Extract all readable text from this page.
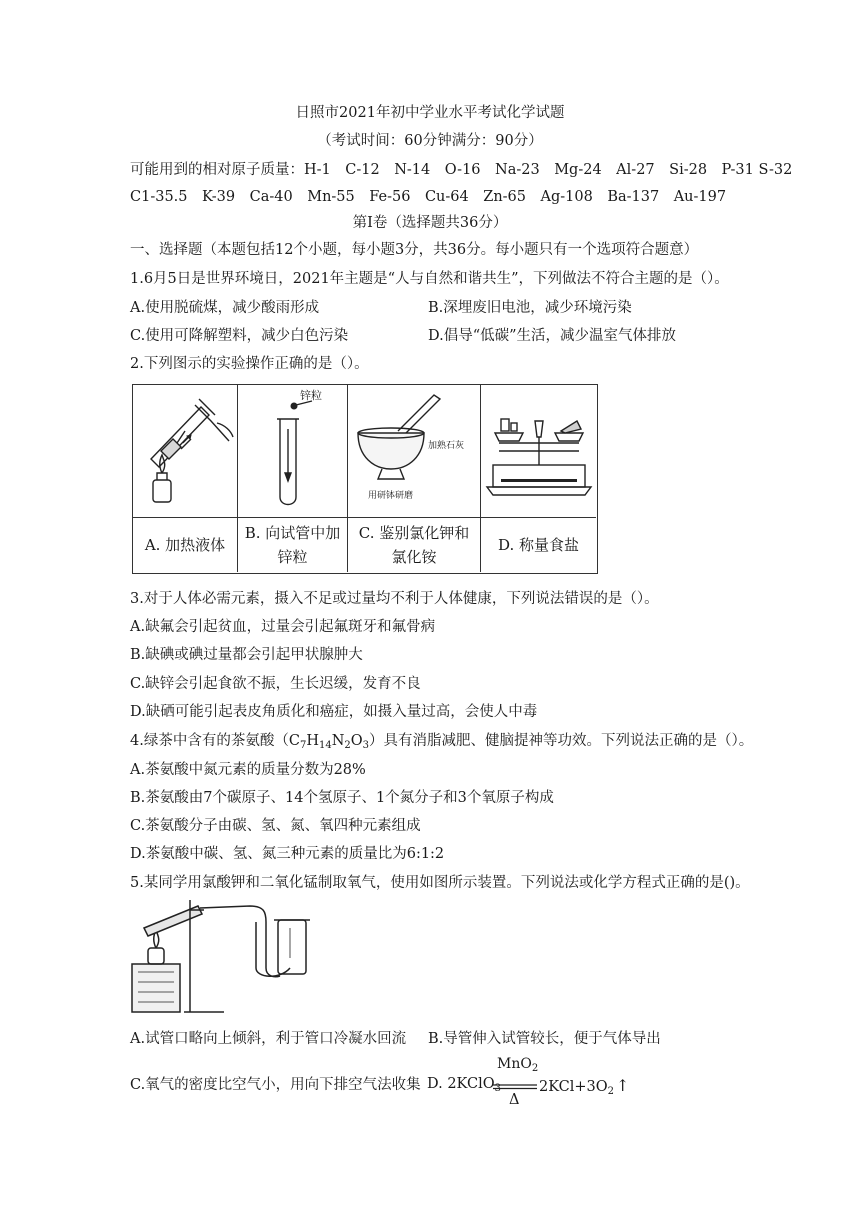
日照市2021年初中学业水平考试化学试题
（考试时间：60分钟满分：90分）
可能用到的相对原子质量：H-1　C-12　N-14　O-16　Na-23　Mg-24　Al-27　Si-28　P-31 S-32
C1-35.5　K-39　Ca-40　Mn-55　Fe-56　Cu-64　Zn-65　Ag-108　Ba-137　Au-197
第Ⅰ卷（选择题共36分）
一、选择题（本题包括12个小题，每小题3分，共36分。每小题只有一个选项符合题意）
1.6月5日是世界环境日，2021年主题是“人与自然和谐共生”，下列做法不符合主题的是（）。
A.使用脱硫煤，减少酸雨形成	B.深埋废旧电池，减少环境污染
C.使用可降解塑料，减少白色污染	D.倡导“低碳”生活，减少温室气体排放
2.下列图示的实验操作正确的是（）。
A. 加热液体
锌粒
B. 向试管中加锌粒
加熟石灰
用研钵研磨
C. 鉴别氯化钾和氯化铵
D. 称量食盐
3.对于人体必需元素，摄入不足或过量均不利于人体健康，下列说法错误的是（）。
A.缺氟会引起贫血，过量会引起氟斑牙和氟骨病
B.缺碘或碘过量都会引起甲状腺肿大
C.缺锌会引起食欲不振，生长迟缓，发育不良
D.缺硒可能引起表皮角质化和癌症，如摄入量过高，会使人中毒
4.绿茶中含有的茶氨酸$(C_7H_{14}N_2O_3)$具有消脂减肥、健脑提神等功效。下列说法正确的是（）。
A.茶氨酸中氮元素的质量分数为28%
B.茶氨酸由7个碳原子、14个氢原子、1个氮分子和3个氧原子构成
C.茶氨酸分子由碳、氢、氮、氧四种元素组成
D.茶氨酸中碳、氢、氮三种元素的质量比为6:1:2
5.某同学用氯酸钾和二氧化锰制取氧气，使用如图所示装置。下列说法或化学方程式正确的是()。
A.试管口略向上倾斜，利于管口冷凝水回流 B.导管伸入试管较长，便于气体导出
C.氧气的密度比空气小，用向下排空气法收集 D. 2KClO$_3$
MnO$_2$
Δ
$2KCl+3O_2$ ↑
